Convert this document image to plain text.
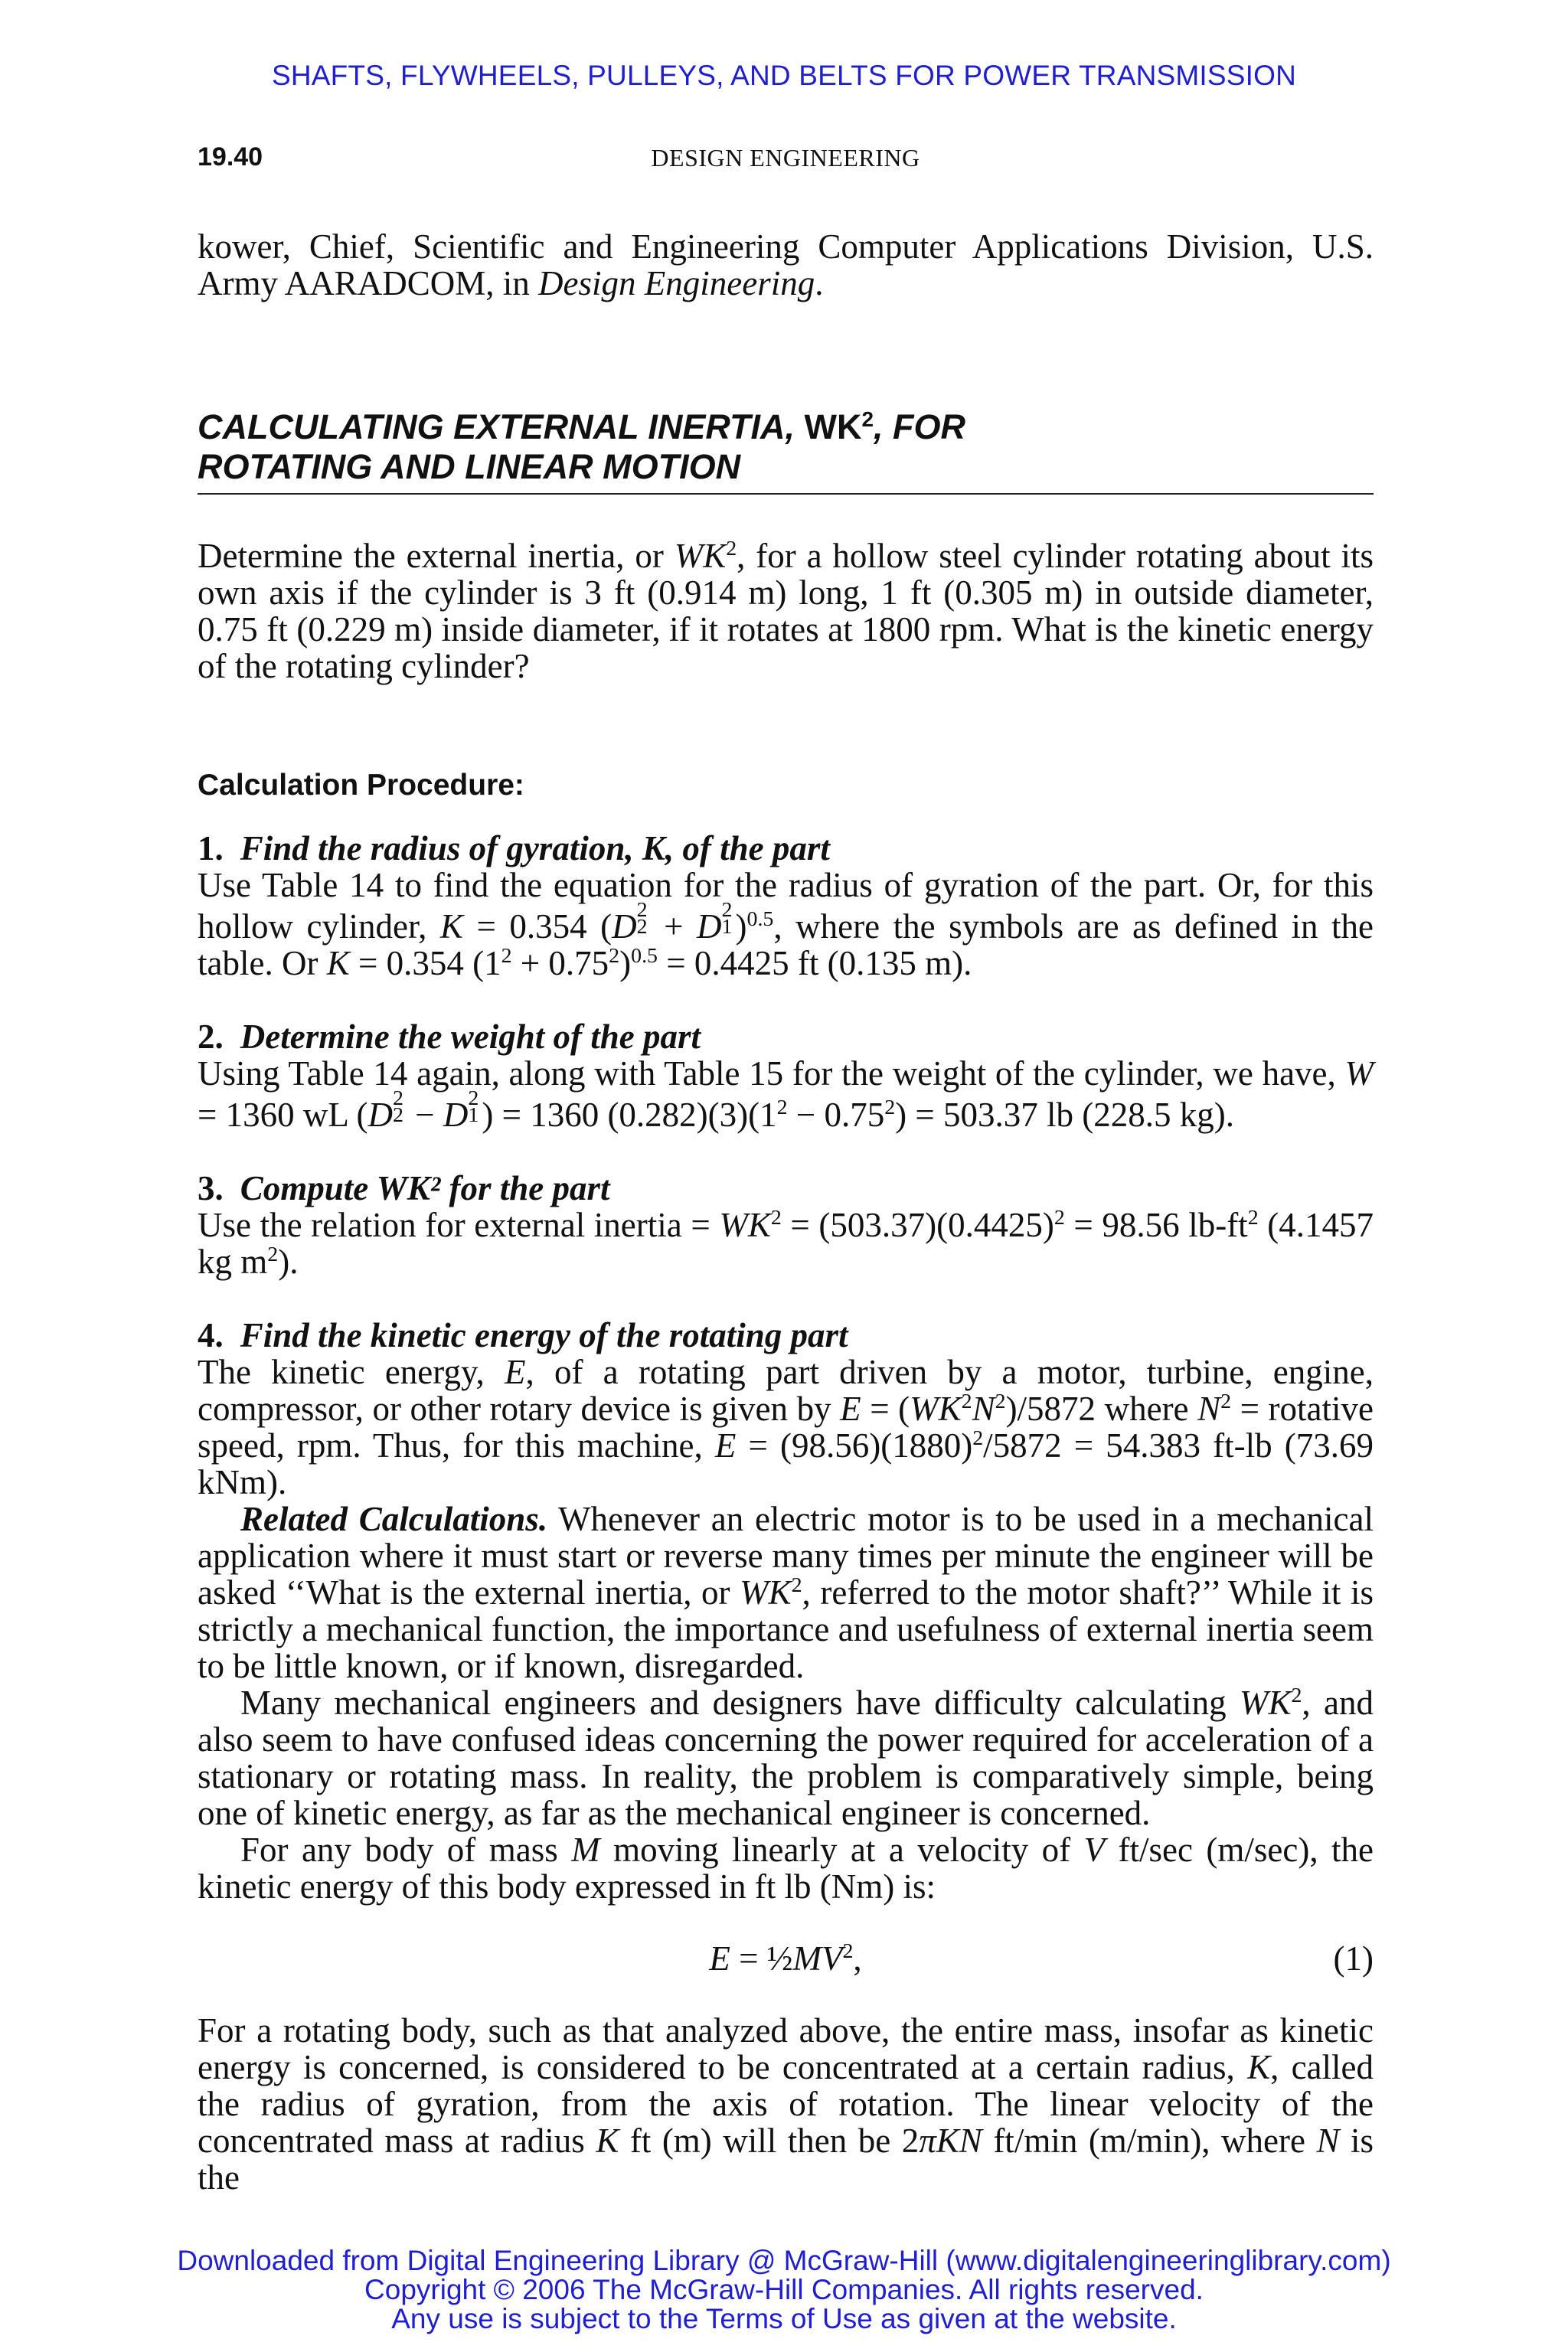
SHAFTS, FLYWHEELS, PULLEYS, AND BELTS FOR POWER TRANSMISSION
19.40	DESIGN ENGINEERING

kower, Chief, Scientific and Engineering Computer Applications Division, U.S. Army AARADCOM, in Design Engineering.

CALCULATING EXTERNAL INERTIA, $WK^2$, FOR
ROTATING AND LINEAR MOTION

Determine the external inertia, or $WK^2$, for a hollow steel cylinder rotating about its own axis if the cylinder is 3 ft (0.914 m) long, 1 ft (0.305 m) in outside diameter, 0.75 ft (0.229 m) inside diameter, if it rotates at 1800 rpm. What is the kinetic energy of the rotating cylinder?

Calculation Procedure:

1. Find the radius of gyration, K, of the part

Use Table 14 to find the equation for the radius of gyration of the part. Or, for this hollow cylinder, K = 0.354 (D 2
2 + D 2
1 )$^{0.5}$, where the symbols are as defined in the table. Or K = 0.354 $(1^2 + 0.75^2)^{0.5} = 0.4425$ ft (0.135 m).

2. Determine the weight of the part

Using Table 14 again, along with Table 15 for the weight of the cylinder, we have, W = 1360 wL (D 2
2 − D 2
1 ) = 1360 $(0.282)(3)(1^2 - 0.75^2) = 503.37$ lb (228.5 kg).

3. Compute WK² for the part

Use the relation for external inertia = $WK^2 = (503.37)(0.4425)^2 = 98.56$ $lb-ft^2$ (4.1457 kg $m^2$).

4. Find the kinetic energy of the rotating part

The kinetic energy, E, of a rotating part driven by a motor, turbine, engine, compressor, or other rotary device is given by $E = (WK^2N^2)/5872$ where $N^2$ = rotative speed, rpm. Thus, for this machine, $E = (98.56)(1880)^2/5872 = 54.383$ ft-lb (73.69 kNm).

Related Calculations. Whenever an electric motor is to be used in a mechanical application where it must start or reverse many times per minute the engineer will be asked ‘‘What is the external inertia, or $WK^2$, referred to the motor shaft?’’ While it is strictly a mechanical function, the importance and usefulness of external inertia seem to be little known, or if known, disregarded.

Many mechanical engineers and designers have difficulty calculating $WK^2$, and also seem to have confused ideas concerning the power required for acceleration of a stationary or rotating mass. In reality, the problem is comparatively simple, being one of kinetic energy, as far as the mechanical engineer is concerned.

For any body of mass M moving linearly at a velocity of V ft/sec (m/sec), the kinetic energy of this body expressed in ft lb (Nm) is:

$E = \frac{1}{2}MV^2$,	(1)

For a rotating body, such as that analyzed above, the entire mass, insofar as kinetic energy is concerned, is considered to be concentrated at a certain radius, K, called the radius of gyration, from the axis of rotation. The linear velocity of the concentrated mass at radius K ft (m) will then be 2πKN ft/min (m/min), where N is the

Downloaded from Digital Engineering Library @ McGraw-Hill (www.digitalengineeringlibrary.com)
Copyright © 2006 The McGraw-Hill Companies. All rights reserved.
Any use is subject to the Terms of Use as given at the website.
